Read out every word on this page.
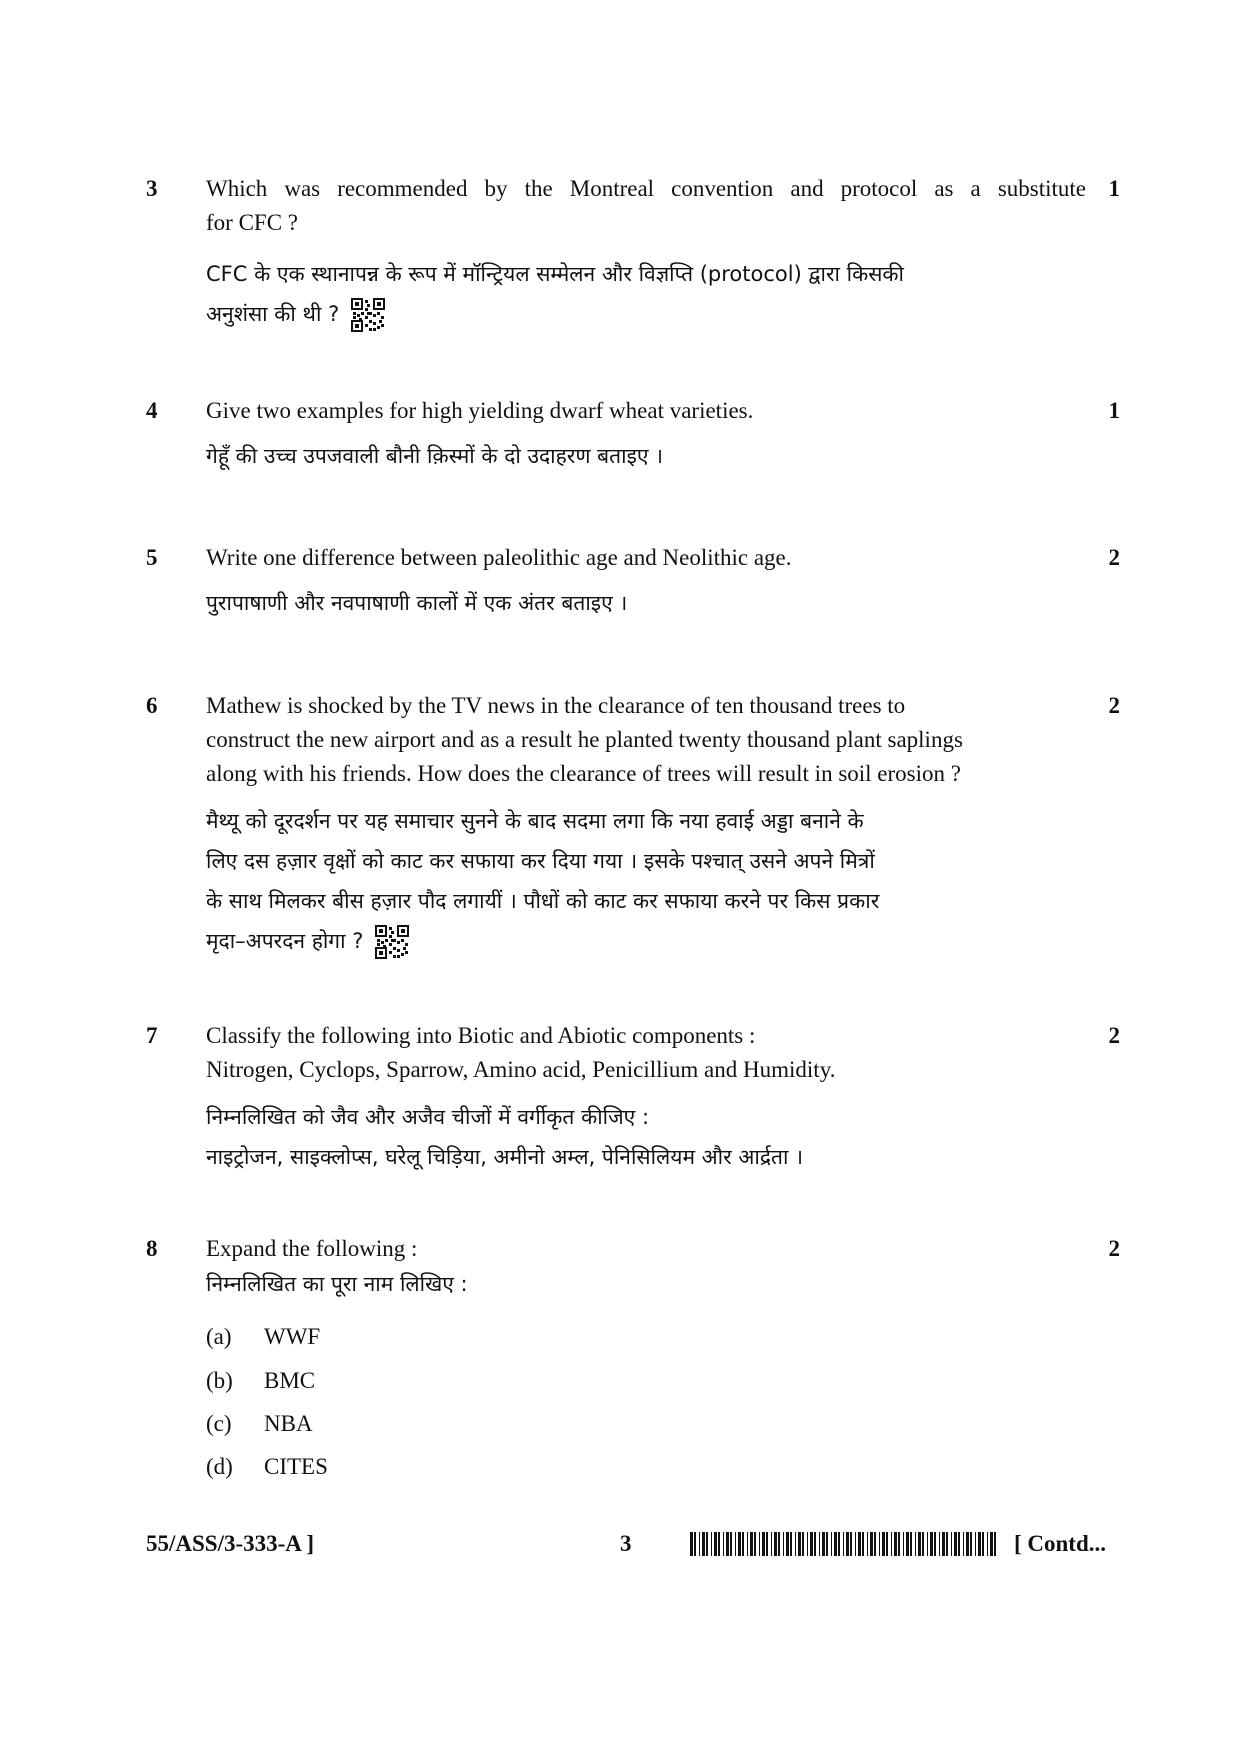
3	1
Which was recommended by the Montreal convention and protocol as a substitute
for CFC ?
CFC के एक स्थानापन्न के रूप में मॉन्ट्रियल सम्मेलन और विज्ञप्ति (protocol) द्वारा किसकी
अनुशंसा की थी ?
4	1
Give two examples for high yielding dwarf wheat varieties.
गेहूँ की उच्च उपजवाली बौनी क़िस्मों के दो उदाहरण बताइए ।
5	2
Write one difference between paleolithic age and Neolithic age.
पुरापाषाणी और नवपाषाणी कालों में एक अंतर बताइए ।
6	2
Mathew is shocked by the TV news in the clearance of ten thousand trees to
construct the new airport and as a result he planted twenty thousand plant saplings
along with his friends. How does the clearance of trees will result in soil erosion ?
मैथ्यू को दूरदर्शन पर यह समाचार सुनने के बाद सदमा लगा कि नया हवाई अड्डा बनाने के
लिए दस हज़ार वृक्षों को काट कर सफाया कर दिया गया । इसके पश्चात् उसने अपने मित्रों
के साथ मिलकर बीस हज़ार पौद लगायीं । पौधों को काट कर सफाया करने पर किस प्रकार
मृदा–अपरदन होगा ?
7	2
Classify the following into Biotic and Abiotic components :
Nitrogen, Cyclops, Sparrow, Amino acid, Penicillium and Humidity.
निम्नलिखित को जैव और अजैव चीजों में वर्गीकृत कीजिए :
नाइट्रोजन, साइक्लोप्स, घरेलू चिड़िया, अमीनो अम्ल, पेनिसिलियम और आर्द्रता ।
8	2
Expand the following :
निम्नलिखित का पूरा नाम लिखिए :
(a) WWF
(b) BMC
(c) NBA
(d) CITES
55/ASS/3-333-A ]	3	[ Contd...
